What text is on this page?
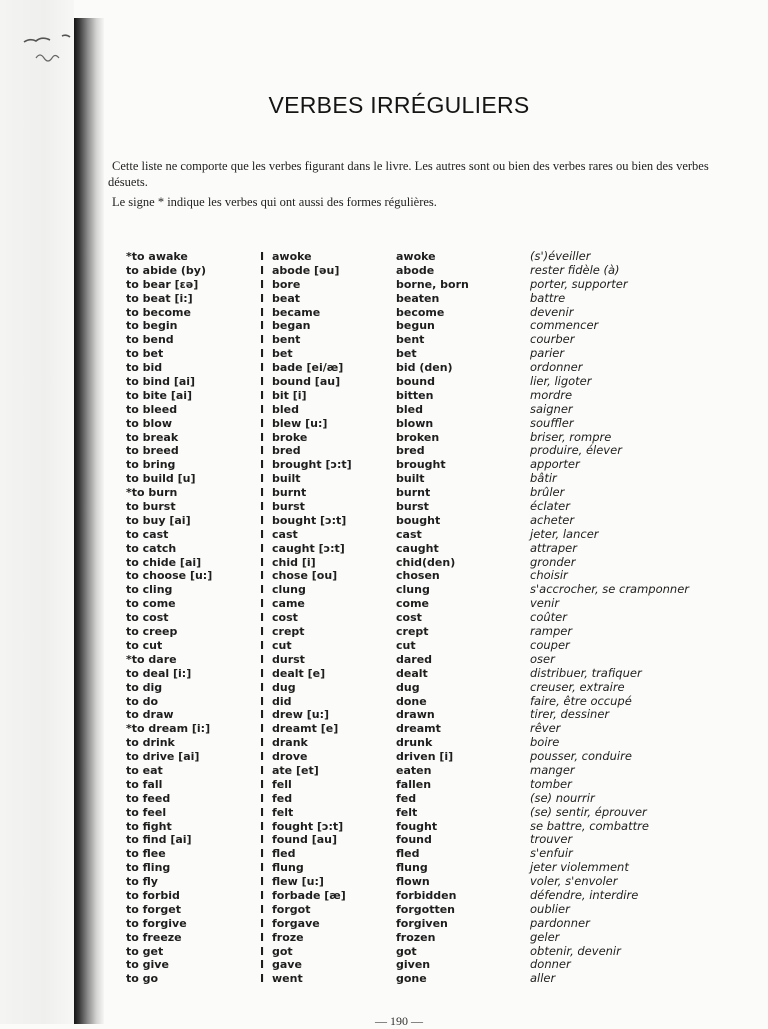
VERBES IRRÉGULIERS

Cette liste ne comporte que les verbes figurant dans le livre. Les autres sont ou bien des verbes rares ou bien des verbes désuets.

Le signe * indique les verbes qui ont aussi des formes régulières.

*to awake	I awoke	awoke	(s')éveiller
to abide (by)	I abode [əu]	abode	rester fidèle (à)
to bear [ɛə]	I bore	borne, born	porter, supporter
to beat [i:]	I beat	beaten	battre
to become	I became	become	devenir
to begin	I began	begun	commencer
to bend	I bent	bent	courber
to bet	I bet	bet	parier
to bid	I bade [ei/æ]	bid (den)	ordonner
to bind [ai]	I bound [au]	bound	lier, ligoter
to bite [ai]	I bit [i]	bitten	mordre
to bleed	I bled	bled	saigner
to blow	I blew [u:]	blown	souffler
to break	I broke	broken	briser, rompre
to breed	I bred	bred	produire, élever
to bring	I brought [ɔ:t]	brought	apporter
to build [u]	I built	built	bâtir
*to burn	I burnt	burnt	brûler
to burst	I burst	burst	éclater
to buy [ai]	I bought [ɔ:t]	bought	acheter
to cast	I cast	cast	jeter, lancer
to catch	I caught [ɔ:t]	caught	attraper
to chide [ai]	I chid [i]	chid(den)	gronder
to choose [u:]	I chose [ou]	chosen	choisir
to cling	I clung	clung	s'accrocher, se cramponner
to come	I came	come	venir
to cost	I cost	cost	coûter
to creep	I crept	crept	ramper
to cut	I cut	cut	couper
*to dare	I durst	dared	oser
to deal [i:]	I dealt [e]	dealt	distribuer, trafiquer
to dig	I dug	dug	creuser, extraire
to do	I did	done	faire, être occupé
to draw	I drew [u:]	drawn	tirer, dessiner
*to dream [i:]	I dreamt [e]	dreamt	rêver
to drink	I drank	drunk	boire
to drive [ai]	I drove	driven [i]	pousser, conduire
to eat	I ate [et]	eaten	manger
to fall	I fell	fallen	tomber
to feed	I fed	fed	(se) nourrir
to feel	I felt	felt	(se) sentir, éprouver
to fight	I fought [ɔ:t]	fought	se battre, combattre
to find [ai]	I found [au]	found	trouver
to flee	I fled	fled	s'enfuir
to fling	I flung	flung	jeter violemment
to fly	I flew [u:]	flown	voler, s'envoler
to forbid	I forbade [æ]	forbidden	défendre, interdire
to forget	I forgot	forgotten	oublier
to forgive	I forgave	forgiven	pardonner
to freeze	I froze	frozen	geler
to get	I got	got	obtenir, devenir
to give	I gave	given	donner
to go	I went	gone	aller
— 190 —
